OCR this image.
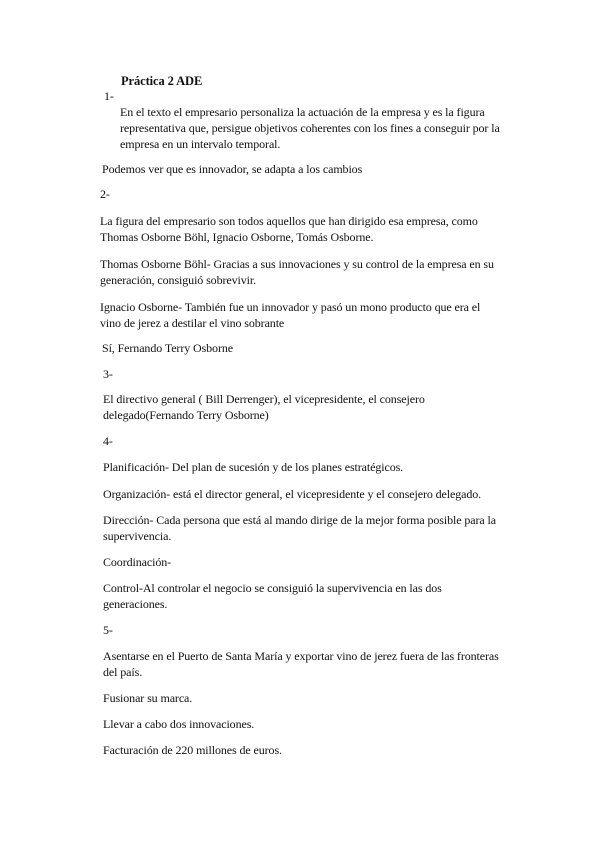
Práctica 2 ADE
1-
En el texto el empresario personaliza la actuación de la empresa y es la figura
representativa que, persigue objetivos coherentes con los fines a conseguir por la
empresa en un intervalo temporal.
Podemos ver que es innovador, se adapta a los cambios
2-
La figura del empresario son todos aquellos que han dirigido esa empresa, como
Thomas Osborne Böhl, Ignacio Osborne, Tomás Osborne.
Thomas Osborne Böhl- Gracias a sus innovaciones y su control de la empresa en su
generación, consiguió sobrevivir.
Ignacio Osborne- También fue un innovador y pasó un mono producto que era el
vino de jerez a destilar el vino sobrante
Sí, Fernando Terry Osborne
3-
El directivo general ( Bill Derrenger), el vicepresidente, el consejero
delegado(Fernando Terry Osborne)
4-
Planificación- Del plan de sucesión y de los planes estratégicos.
Organización- está el director general, el vicepresidente y el consejero delegado.
Dirección- Cada persona que está al mando dirige de la mejor forma posible para la
supervivencia.
Coordinación-
Control-Al controlar el negocio se consiguió la supervivencia en las dos
generaciones.
5-
Asentarse en el Puerto de Santa María y exportar vino de jerez fuera de las fronteras
del país.
Fusionar su marca.
Llevar a cabo dos innovaciones.
Facturación de 220 millones de euros.
